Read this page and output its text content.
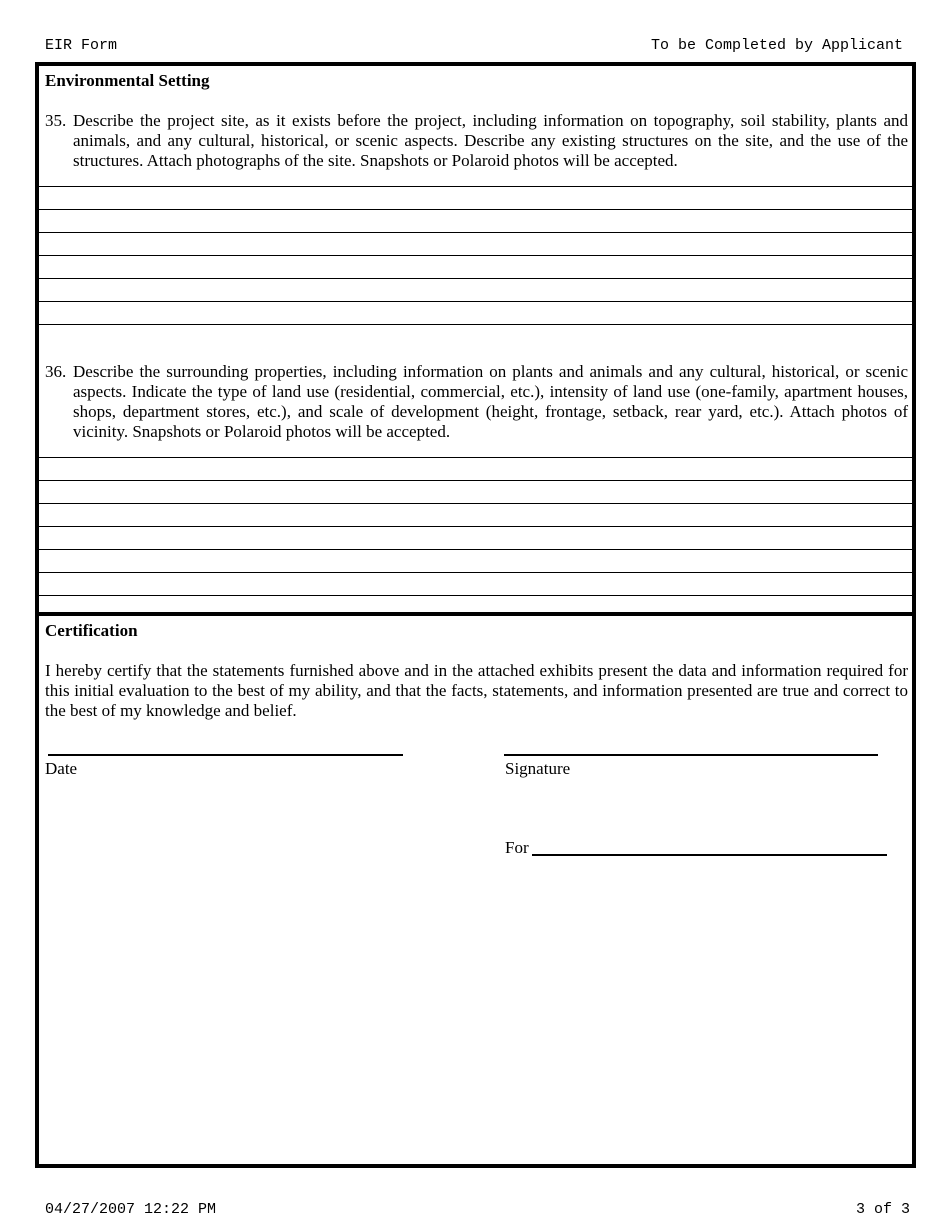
EIR Form	To be Completed by Applicant
Environmental Setting
35. Describe the project site, as it exists before the project, including information on topography, soil stability, plants and animals, and any cultural, historical, or scenic aspects. Describe any existing structures on the site, and the use of the structures. Attach photographs of the site. Snapshots or Polaroid photos will be accepted.
36. Describe the surrounding properties, including information on plants and animals and any cultural, historical, or scenic aspects. Indicate the type of land use (residential, commercial, etc.), intensity of land use (one-family, apartment houses, shops, department stores, etc.), and scale of development (height, frontage, setback, rear yard, etc.). Attach photos of vicinity. Snapshots or Polaroid photos will be accepted.
Certification
I hereby certify that the statements furnished above and in the attached exhibits present the data and information required for this initial evaluation to the best of my ability, and that the facts, statements, and information presented are true and correct to the best of my knowledge and belief.
Date	Signature
For
04/27/2007 12:22 PM	3 of 3
